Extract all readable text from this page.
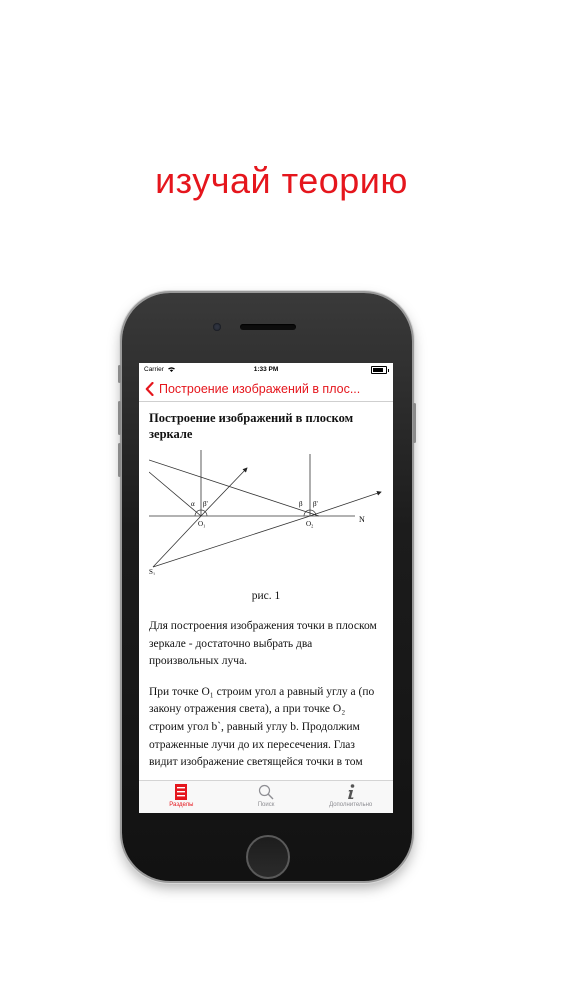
изучай теорию
Carrier	1:33 PM
Построение изображений в плос...
Построение изображений в плоском зеркале
α β'
O₁
β β'
O₂	N
S₁
рис. 1

Для построения изображения точки в плоском зеркале - достаточно выбрать два произвольных луча.

При точке O₁ строим угол а равный углу а (по закону отражения света), а при точке O₂ строим угол b`, равный углу b. Продолжим отраженные лучи до их пересечения. Глаз видит изображение светящейся точки в том

Разделы	Поиск	Дополнительно
